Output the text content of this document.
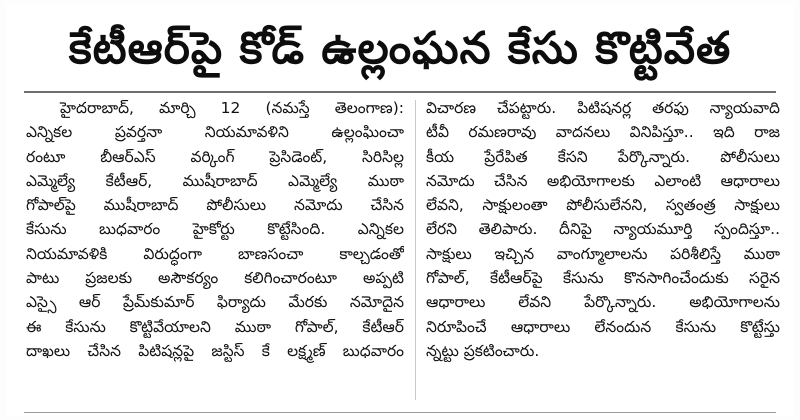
కేటీఆర్‌పై కోడ్ ఉల్లంఘన కేసు కొట్టివేత
హైదరాబాద్, మార్చి 12 (నమస్తే తెలంగాణ):
ఎన్నికల ప్రవర్తనా నియమావళిని ఉల్లంఘించా
రంటూ బీఆర్ఎస్ వర్కింగ్ ప్రెసిడెంట్, సిరిసిల్ల
ఎమ్మెల్యే కేటీఆర్, ముషీరాబాద్ ఎమ్మెల్యే ముఠా
గోపాల్‌పై ముషీరాబాద్ పోలీసులు నమోదు చేసిన
కేసును బుధవారం హైకోర్టు కొట్టేసింది. ఎన్నికల
నియమావళికి విరుద్ధంగా బాణసంచా కాల్చడంతో
పాటు ప్రజలకు అసౌకర్యం కలిగించారంటూ అప్పటి
ఎస్సై ఆర్ ప్రేమ్‌కుమార్ ఫిర్యాదు మేరకు నమోదైన
ఈ కేసును కొట్టివేయాలని ముఠా గోపాల్, కేటీఆర్
దాఖలు చేసిన పిటిషన్లపై జస్టిస్ కే లక్ష్మణ్ బుధవారం
విచారణ చేపట్టారు. పిటిషనర్ల తరఫు న్యాయవాది
టీవీ రమణరావు వాదనలు వినిపిస్తూ.. ఇది రాజ
కీయ ప్రేరేపిత కేసని పేర్కొన్నారు. పోలీసులు
నమోదు చేసిన అభియోగాలకు ఎలాంటి ఆధారాలు
లేవని, సాక్షులంతా పోలీసులేనని, స్వతంత్ర సాక్షులు
లేరని తెలిపారు. దీనిపై న్యాయమూర్తి స్పందిస్తూ..
సాక్షులు ఇచ్చిన వాంగ్మూలాలను పరిశీలిస్తే ముఠా
గోపాల్, కేటీఆర్‌పై కేసును కొనసాగించేందుకు సరైన
ఆధారాలు లేవని పేర్కొన్నారు. అభియోగాలను
నిరూపించే ఆధారాలు లేనందున కేసును కొట్టేస్తు
న్నట్టు ప్రకటించారు.
